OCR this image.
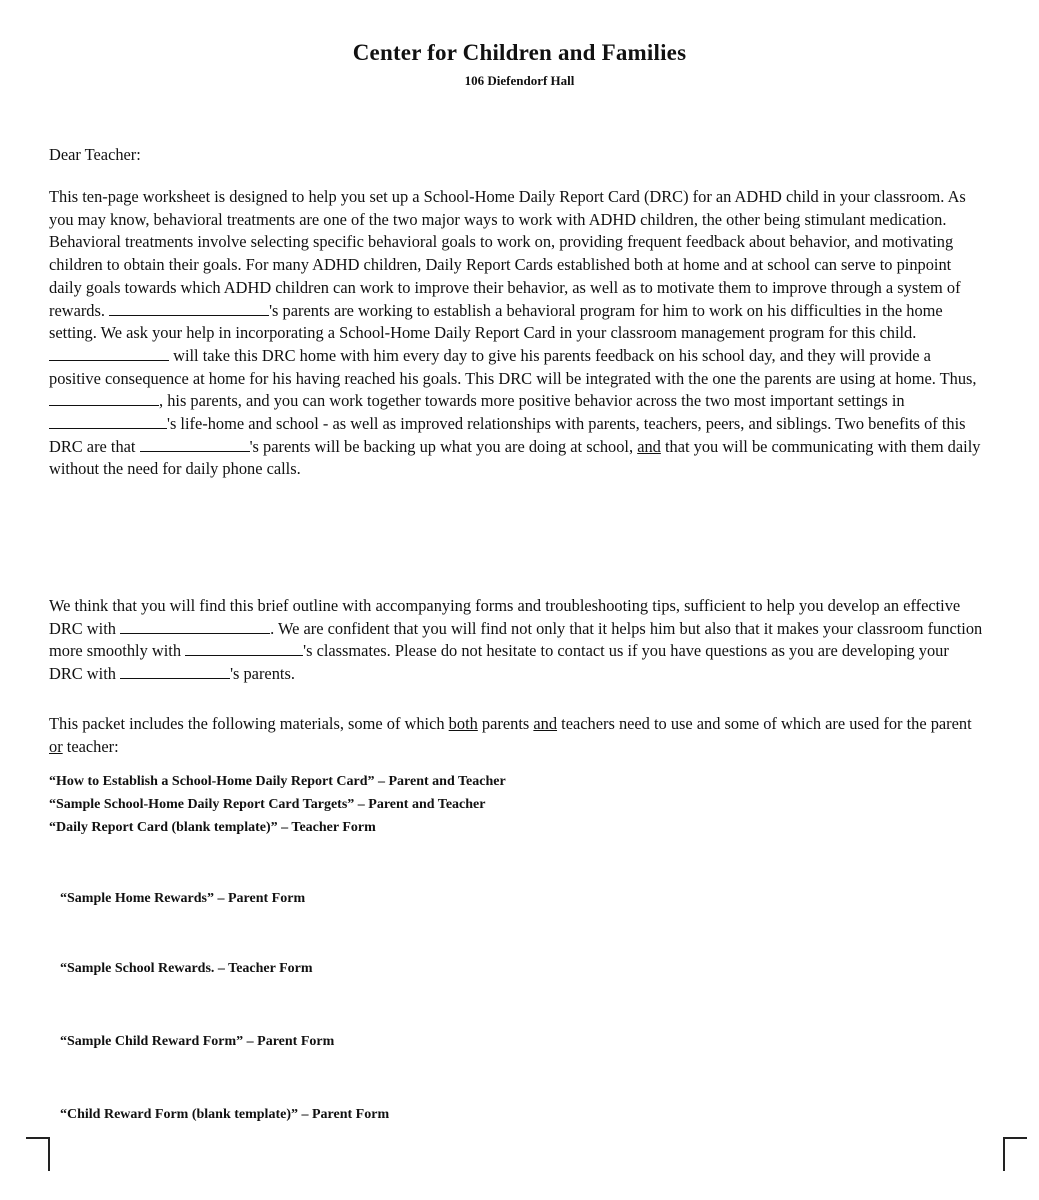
Center for Children and Families
106 Diefendorf Hall
Dear Teacher:
This ten-page worksheet is designed to help you set up a School-Home Daily Report Card (DRC) for an ADHD child in your classroom. As you may know, behavioral treatments are one of the two major ways to work with ADHD children, the other being stimulant medication. Behavioral treatments involve selecting specific behavioral goals to work on, providing frequent feedback about behavior, and motivating children to obtain their goals. For many ADHD children, Daily Report Cards established both at home and at school can serve to pinpoint daily goals towards which ADHD children can work to improve their behavior, as well as to motivate them to improve through a system of rewards.	's parents are working to establish a behavioral program for him to work on his difficulties in the home setting. We ask your help in incorporating a School-Home Daily Report Card in your classroom management program for this child.  will take this DRC home with him every day to give his parents feedback on his school day, and they will provide a positive consequence at home for his having reached his goals. This DRC will be integrated with the one the parents are using at home. Thus, , his parents, and you can work together towards more positive behavior across the two most important settings in 's life-home and school - as well as improved relationships with parents, teachers, peers, and siblings. Two benefits of this DRC are that	's parents will be backing up what you are doing at school, and that you will be communicating with them daily without the need for daily phone calls.
We think that you will find this brief outline with accompanying forms and troubleshooting tips, sufficient to help you develop an effective DRC with	. We are confident that you will find not only that it helps him but also that it makes your classroom function more smoothly with	's classmates. Please do not hesitate to contact us if you have questions as you are developing your DRC with	's parents.
This packet includes the following materials, some of which both parents and teachers need to use and some of which are used for the parent or teacher:
“How to Establish a School-Home Daily Report Card” – Parent and Teacher
“Sample School-Home Daily Report Card Targets” – Parent and Teacher
“Daily Report Card (blank template)” – Teacher Form
“Sample Home Rewards” – Parent Form
“Sample School Rewards. – Teacher Form
“Sample Child Reward Form” – Parent Form
“Child Reward Form (blank template)” – Parent Form
